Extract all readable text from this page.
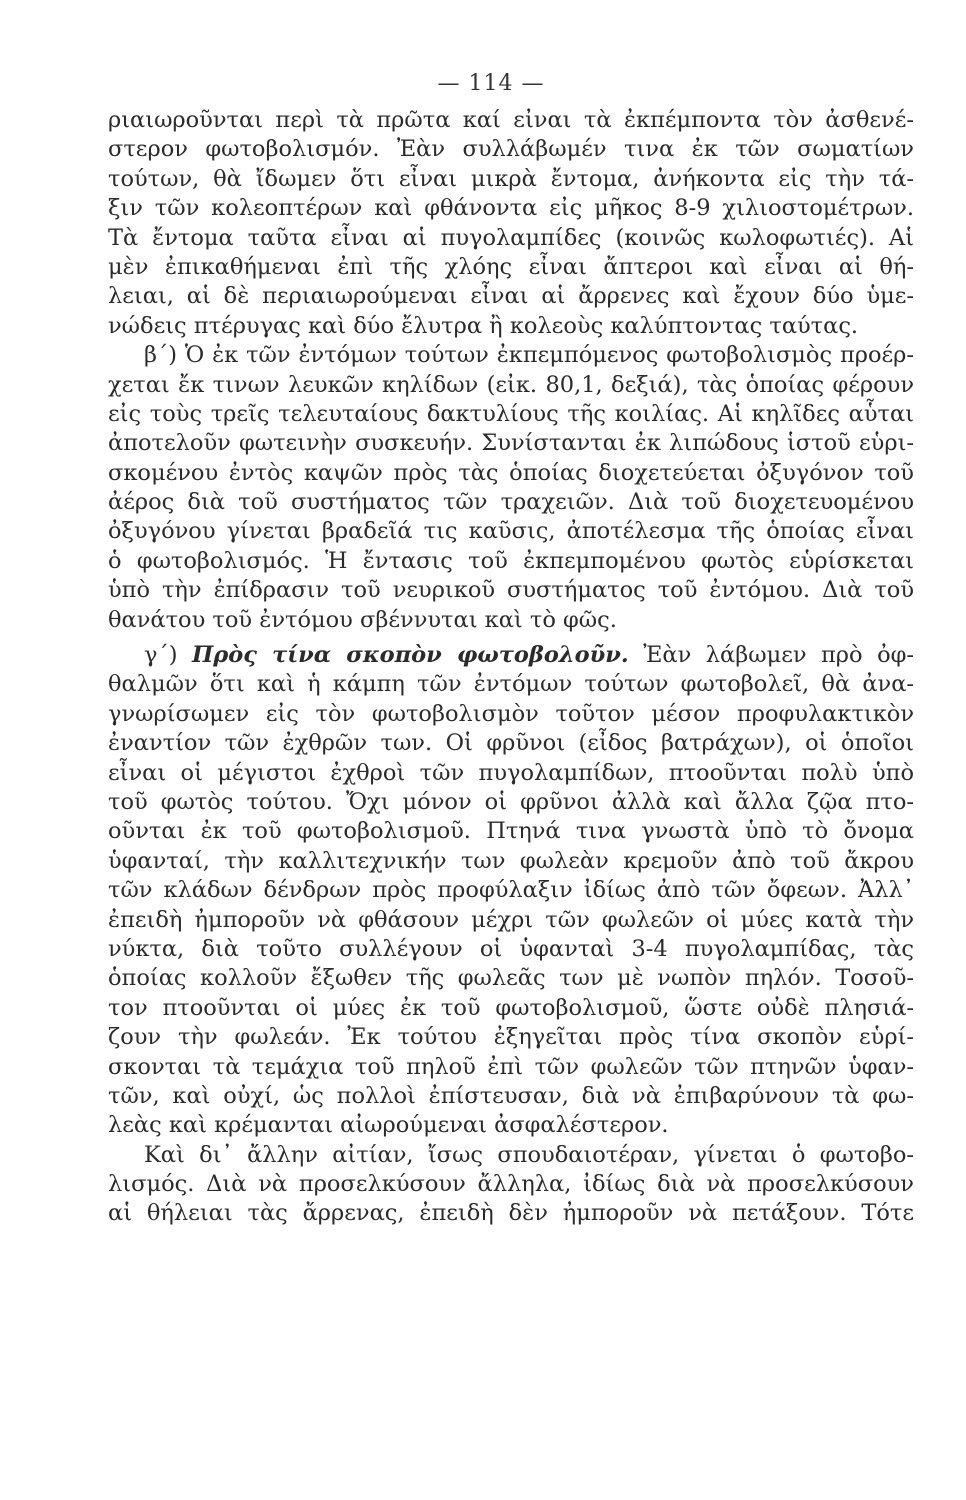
— 114 —
ριαιωροῦνται περὶ τὰ πρῶτα καί εἰναι τὰ ἐκπέμποντα τὸν ἀσθενέ-
στερον φωτοβολισμόν. Ἐὰν συλλάβωμέν τινα ἐκ τῶν σωματίων
τούτων, θὰ ἴδωμεν ὅτι εἶναι μικρὰ ἔντομα, ἀνήκοντα εἰς τὴν τά-
ξιν τῶν κολεοπτέρων καὶ φθάνοντα εἰς μῆκος 8-9 χιλιοστομέτρων.
Τὰ ἔντομα ταῦτα εἶναι αἱ πυγολαμπίδες (κοινῶς κωλοφωτιές). Αἱ
μὲν ἐπικαθήμεναι ἐπὶ τῆς χλόης εἶναι ἄπτεροι καὶ εἶναι αἱ θή-
λειαι, αἱ δὲ περιαιωρούμεναι εἶναι αἱ ἄρρενες καὶ ἔχουν δύο ὑμε-
νώδεις πτέρυγας καὶ δύο ἔλυτρα ἢ κολεοὺς καλύπτοντας ταύτας.
β΄) Ὁ ἐκ τῶν ἐντόμων τούτων ἐκπεμπόμενος φωτοβολισμὸς προέρ-
χεται ἔκ τινων λευκῶν κηλίδων (εἰκ. 80,1, δεξιά), τὰς ὁποίας φέρουν
εἰς τοὺς τρεῖς τελευταίους δακτυλίους τῆς κοιλίας. Αἱ κηλῖδες αὗται
ἀποτελοῦν φωτεινὴν συσκευήν. Συνίστανται ἐκ λιπώδους ἱστοῦ εὑρι-
σκομένου ἐντὸς καψῶν πρὸς τὰς ὁποίας διοχετεύεται ὀξυγόνον τοῦ
ἀέρος διὰ τοῦ συστήματος τῶν τραχειῶν. Διὰ τοῦ διοχετευομένου
ὀξυγόνου γίνεται βραδεῖά τις καῦσις, ἀποτέλεσμα τῆς ὁποίας εἶναι
ὁ φωτοβολισμός. Ἡ ἔντασις τοῦ ἐκπεμπομένου φωτὸς εὑρίσκεται
ὑπὸ τὴν ἐπίδρασιν τοῦ νευρικοῦ συστήματος τοῦ ἐντόμου. Διὰ τοῦ
θανάτου τοῦ ἐντόμου σβέννυται καὶ τὸ φῶς.
γ΄) Πρὸς τίνα σκοπὸν φωτοβολοῦν. Ἐὰν λάβωμεν πρὸ ὀφ-
θαλμῶν ὅτι καὶ ἡ κάμπη τῶν ἐντόμων τούτων φωτοβολεῖ, θὰ ἀνα-
γνωρίσωμεν εἰς τὸν φωτοβολισμὸν τοῦτον μέσον προφυλακτικὸν
ἐναντίον τῶν ἐχθρῶν των. Οἱ φρῦνοι (εἶδος βατράχων), οἱ ὁποῖοι
εἶναι οἱ μέγιστοι ἐχθροὶ τῶν πυγολαμπίδων, πτοοῦνται πολὺ ὑπὸ
τοῦ φωτὸς τούτου. Ὄχι μόνον οἱ φρῦνοι ἀλλὰ καὶ ἄλλα ζῷα πτο-
οῦνται ἐκ τοῦ φωτοβολισμοῦ. Πτηνά τινα γνωστὰ ὑπὸ τὸ ὄνομα
ὑφανταί, τὴν καλλιτεχνικήν των φωλεὰν κρεμοῦν ἀπὸ τοῦ ἄκρου
τῶν κλάδων δένδρων πρὸς προφύλαξιν ἰδίως ἀπὸ τῶν ὄφεων. Ἀλλ᾽
ἐπειδὴ ἠμποροῦν νὰ φθάσουν μέχρι τῶν φωλεῶν οἱ μύες κατὰ τὴν
νύκτα, διὰ τοῦτο συλλέγουν οἱ ὑφανταὶ 3-4 πυγολαμπίδας, τὰς
ὁποίας κολλοῦν ἔξωθεν τῆς φωλεᾶς των μὲ νωπὸν πηλόν. Τοσοῦ-
τον πτοοῦνται οἱ μύες ἐκ τοῦ φωτοβολισμοῦ, ὥστε οὐδὲ πλησιά-
ζουν τὴν φωλεάν. Ἐκ τούτου ἐξηγεῖται πρὸς τίνα σκοπὸν εὑρί-
σκονται τὰ τεμάχια τοῦ πηλοῦ ἐπὶ τῶν φωλεῶν τῶν πτηνῶν ὑφαν-
τῶν, καὶ οὐχί, ὡς πολλοὶ ἐπίστευσαν, διὰ νὰ ἐπιβαρύνουν τὰ φω-
λεὰς καὶ κρέμανται αἰωρούμεναι ἀσφαλέστερον.
Καὶ δι᾽ ἄλλην αἰτίαν, ἴσως σπουδαιοτέραν, γίνεται ὁ φωτοβο-
λισμός. Διὰ νὰ προσελκύσουν ἄλληλα, ἰδίως διὰ νὰ προσελκύσουν
αἱ θήλειαι τὰς ἄρρενας, ἐπειδὴ δὲν ἠμποροῦν νὰ πετάξουν. Τότε
